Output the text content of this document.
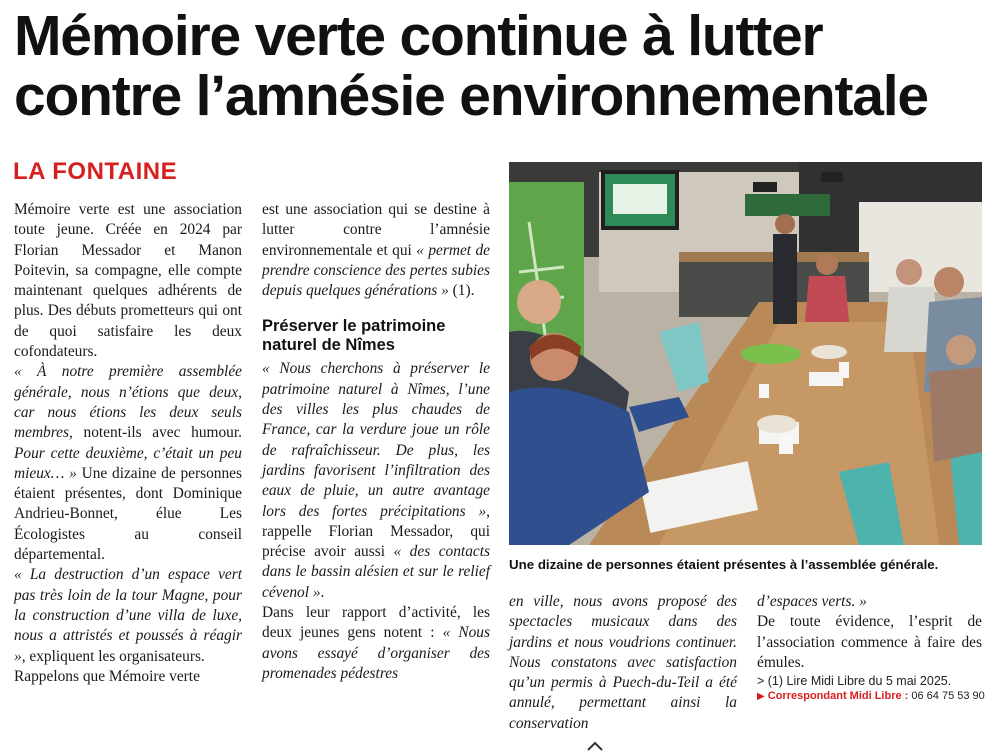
Mémoire verte continue à lutter
contre l’amnésie environnementale
LA FONTAINE

Mémoire verte est une association toute jeune. Créée en 2024 par Florian Messador et Manon Poitevin, sa compagne, elle compte maintenant quelques adhérents de plus. Des débuts prometteurs qui ont de quoi satisfaire les deux cofondateurs.

« À notre première assemblée générale, nous n’étions que deux, car nous étions les deux seuls membres, notent-ils avec humour. Pour cette deuxième, c’était un peu mieux… » Une dizaine de personnes étaient présentes, dont Dominique Andrieu-Bonnet, élue Les Écologistes au conseil départemental.

« La destruction d’un espace vert pas très loin de la tour Magne, pour la construction d’une villa de luxe, nous a attristés et poussés à réagir », expliquent les organisateurs.

Rappelons que Mémoire verte

est une association qui se destine à lutter contre l’amnésie environnementale et qui « permet de prendre conscience des pertes subies depuis quelques générations » (1).

Préserver le patrimoine naturel de Nîmes

« Nous cherchons à préserver le patrimoine naturel à Nîmes, l’une des villes les plus chaudes de France, car la verdure joue un rôle de rafraîchisseur. De plus, les jardins favorisent l’infiltration des eaux de pluie, un autre avantage lors des fortes précipitations », rappelle Florian Messador, qui précise avoir aussi « des contacts dans le bassin alésien et sur le relief cévenol ».

Dans leur rapport d’activité, les deux jeunes gens notent : « Nous avons essayé d’organiser des promenades pédestres

Une dizaine de personnes étaient présentes à l’assemblée générale.

en ville, nous avons proposé des spectacles musicaux dans des jardins et nous voudrions continuer. Nous constatons avec satisfaction qu’un permis à Puech-du-Teil a été annulé, permettant ainsi la conservation

d’espaces verts. »

De toute évidence, l’esprit de l’association commence à faire des émules.

> (1) Lire Midi Libre du 5 mai 2025.

▶ Correspondant Midi Libre : 06 64 75 53 90
